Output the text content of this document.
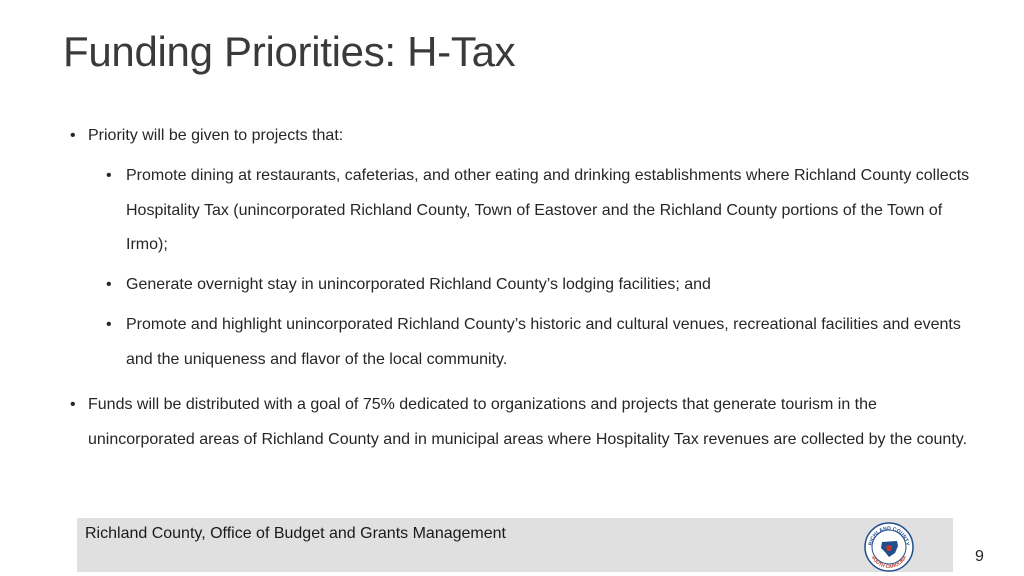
Funding Priorities: H-Tax
• Priority will be given to projects that:
• Promote dining at restaurants, cafeterias, and other eating and drinking establishments where Richland County collects Hospitality Tax (unincorporated Richland County, Town of Eastover and the Richland County portions of the Town of Irmo);
• Generate overnight stay in unincorporated Richland County’s lodging facilities; and
• Promote and highlight unincorporated Richland County’s historic and cultural venues, recreational facilities and events and the uniqueness and flavor of the local community.
• Funds will be distributed with a goal of 75% dedicated to organizations and projects that generate tourism in the unincorporated areas of Richland County and in municipal areas where Hospitality Tax revenues are collected by the county.
Richland County, Office of Budget and Grants Management
RICHLAND COUNTY
SOUTH CAROLINA	9
